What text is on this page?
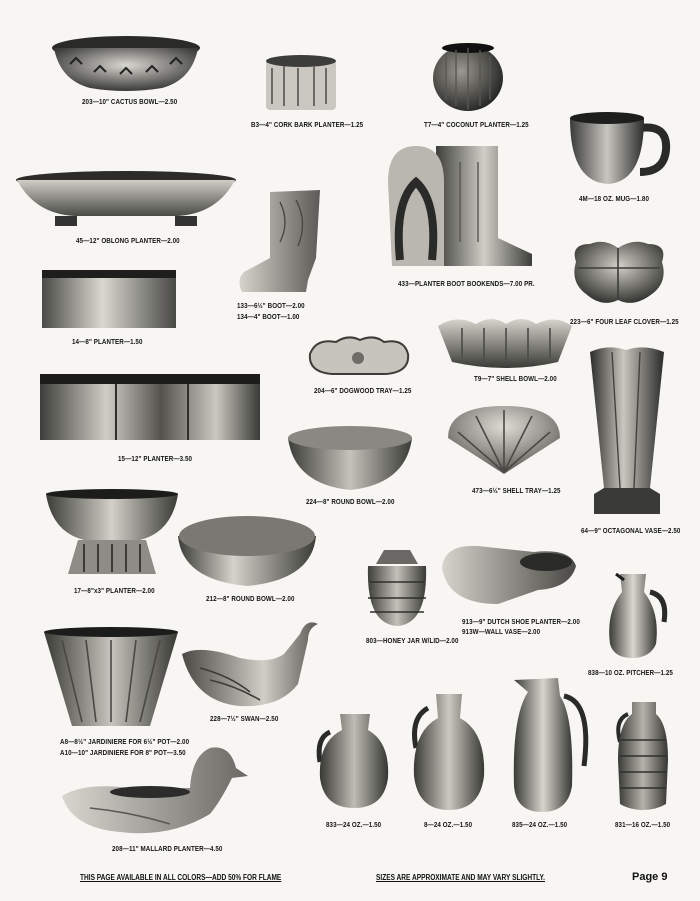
203—10" CACTUS BOWL—2.50
B3—4" CORK BARK PLANTER—1.25	T7—4" COCONUT PLANTER—1.25
4M—18 OZ. MUG—1.80
45—12" OBLONG PLANTER—2.00
133—6½" BOOT—2.00
134—4" BOOT—1.00
433—PLANTER BOOT BOOKENDS—7.00 PR.
223—6" FOUR LEAF CLOVER—1.25
14—8" PLANTER—1.50
204—6" DOGWOOD TRAY—1.25
T9—7" SHELL BOWL—2.00
15—12" PLANTER—3.50
224—8" ROUND BOWL—2.00
473—6½" SHELL TRAY—1.25
64—9" OCTAGONAL VASE—2.50
17—8"x3" PLANTER—2.00
212—8" ROUND BOWL—2.00
803—HONEY JAR W/LID—2.00
913—9" DUTCH SHOE PLANTER—2.00
913W—WALL VASE—2.00
838—10 OZ. PITCHER—1.25
A8—8½" JARDINIERE FOR 6½" POT—2.00
A10—10" JARDINIERE FOR 8" POT—3.50
228—7½" SWAN—2.50
208—11" MALLARD PLANTER—4.50
833—24 OZ.—1.50	8—24 OZ.—1.50	835—24 OZ.—1.50	831—16 OZ.—1.50
THIS PAGE AVAILABLE IN ALL COLORS—ADD 50% FOR FLAME	SIZES ARE APPROXIMATE AND MAY VARY SLIGHTLY.	Page 9
